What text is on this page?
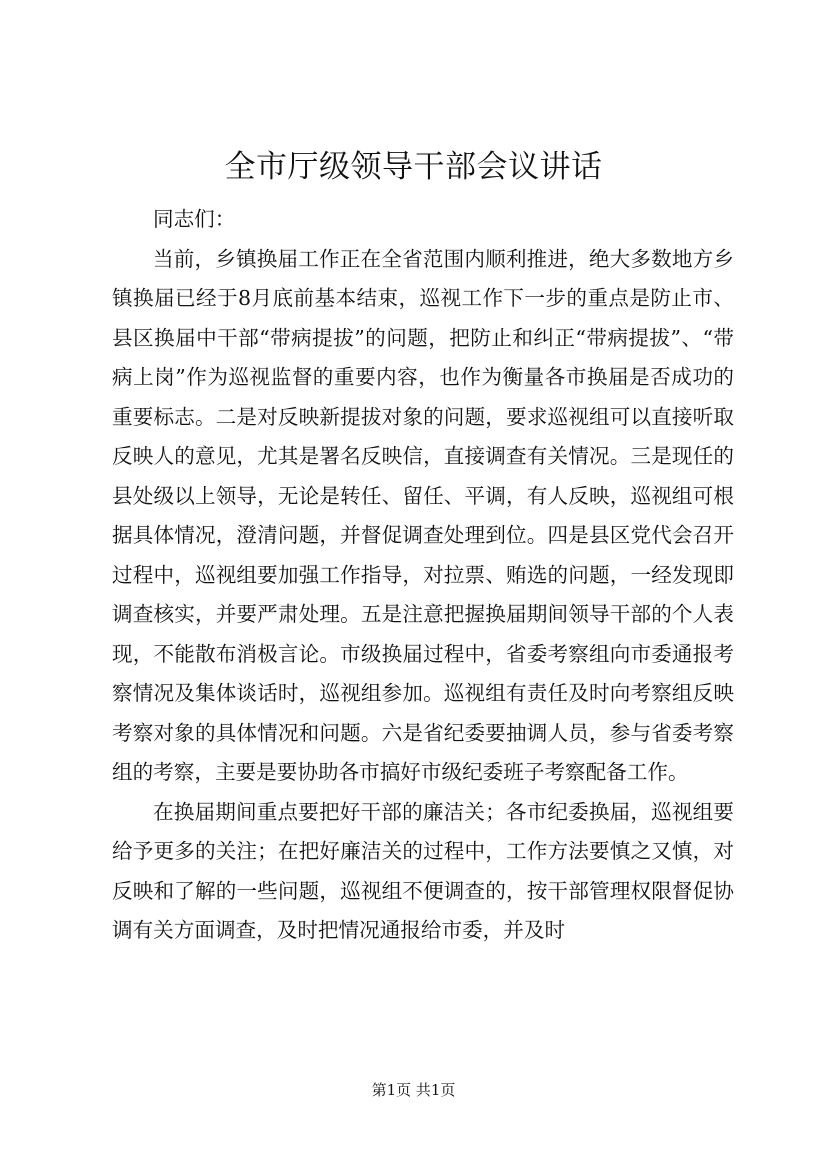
全市厅级领导干部会议讲话

同志们：

当前，乡镇换届工作正在全省范围内顺利推进，绝大多数地方乡镇换届已经于8月底前基本结束，巡视工作下一步的重点是防止市、县区换届中干部“带病提拔”的问题，把防止和纠正“带病提拔”、“带病上岗”作为巡视监督的重要内容，也作为衡量各市换届是否成功的重要标志。二是对反映新提拔对象的问题，要求巡视组可以直接听取反映人的意见，尤其是署名反映信，直接调查有关情况。三是现任的县处级以上领导，无论是转任、留任、平调，有人反映，巡视组可根据具体情况，澄清问题，并督促调查处理到位。四是县区党代会召开过程中，巡视组要加强工作指导，对拉票、贿选的问题，一经发现即调查核实，并要严肃处理。五是注意把握换届期间领导干部的个人表现，不能散布消极言论。市级换届过程中，省委考察组向市委通报考察情况及集体谈话时，巡视组参加。巡视组有责任及时向考察组反映考察对象的具体情况和问题。六是省纪委要抽调人员，参与省委考察组的考察，主要是要协助各市搞好市级纪委班子考察配备工作。

在换届期间重点要把好干部的廉洁关；各市纪委换届，巡视组要给予更多的关注；在把好廉洁关的过程中，工作方法要慎之又慎，对反映和了解的一些问题，巡视组不便调查的，按干部管理权限督促协调有关方面调查，及时把情况通报给市委，并及时

第1页 共1页
